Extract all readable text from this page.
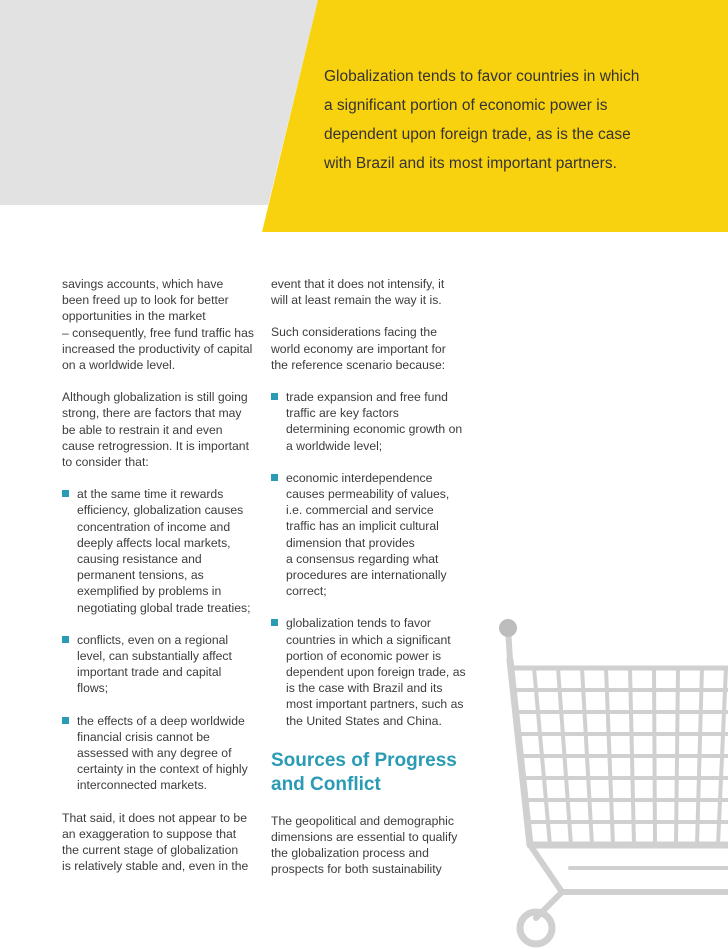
Globalization tends to favor countries in which
a significant portion of economic power is
dependent upon foreign trade, as is the case
with Brazil and its most important partners.

savings accounts, which have
been freed up to look for better
opportunities in the market
– consequently, free fund traffic has
increased the productivity of capital
on a worldwide level.

Although globalization is still going
strong, there are factors that may
be able to restrain it and even
cause retrogression. It is important
to consider that:

at the same time it rewards
efficiency, globalization causes
concentration of income and
deeply affects local markets,
causing resistance and
permanent tensions, as
exemplified by problems in
negotiating global trade treaties;
conflicts, even on a regional
level, can substantially affect
important trade and capital
flows;
the effects of a deep worldwide
financial crisis cannot be
assessed with any degree of
certainty in the context of highly
interconnected markets.

That said, it does not appear to be
an exaggeration to suppose that
the current stage of globalization
is relatively stable and, even in the

event that it does not intensify, it
will at least remain the way it is.

Such considerations facing the
world economy are important for
the reference scenario because:

trade expansion and free fund
traffic are key factors
determining economic growth on
a worldwide level;
economic interdependence
causes permeability of values,
i.e. commercial and service
traffic has an implicit cultural
dimension that provides
a consensus regarding what
procedures are internationally
correct;
globalization tends to favor
countries in which a significant
portion of economic power is
dependent upon foreign trade, as
is the case with Brazil and its
most important partners, such as
the United States and China.
Sources of Progress
and Conflict

The geopolitical and demographic
dimensions are essential to qualify
the globalization process and
prospects for both sustainability
